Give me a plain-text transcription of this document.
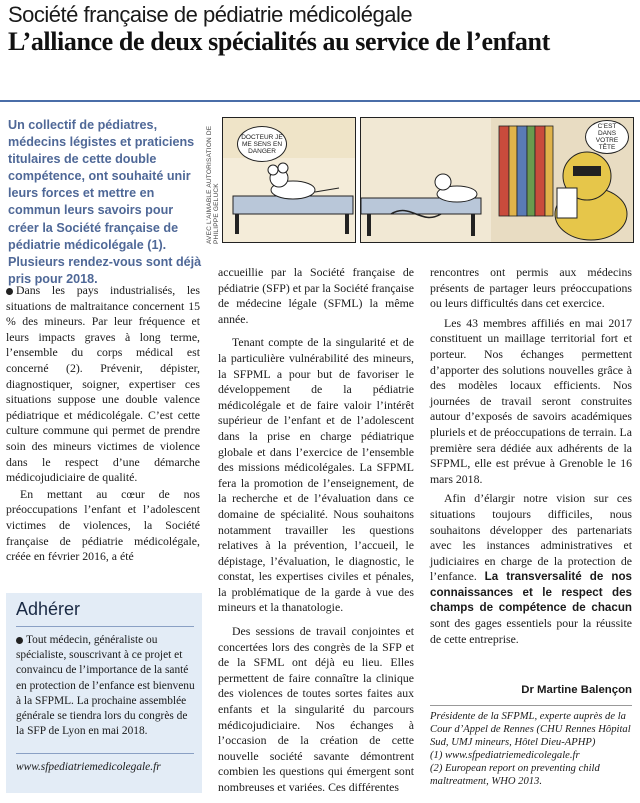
Société française de pédiatrie médicolégale
L’alliance de deux spécialités au service de l’enfant
Un collectif de pédiatres, médecins légistes et praticiens titulaires de cette double compétence, ont souhaité unir leurs forces et mettre en commun leurs savoirs pour créer la Société française de pédiatrie médicolégale (1). Plusieurs rendez-vous sont déjà pris pour 2018.
AVEC L’AIMABLE AUTORISATION DE PHILIPPE GELUCK
DOCTEUR JE ME SENS EN DANGER
C’EST DANS VOTRE TÊTE

Dans les pays industrialisés, les situations de maltraitance concernent 15 % des mineurs. Par leur fréquence et leurs impacts graves à long terme, l’ensemble du corps médical est concerné (2). Prévenir, dépister, diagnostiquer, soigner, expertiser ces situations suppose une double valence pédiatrique et médicolégale. C’est cette culture commune qui permet de prendre soin des mineurs victimes de violence dans le respect d’une démarche médicojudiciaire de qualité.

En mettant au cœur de nos préoccupations l’enfant et l’adolescent victimes de violences, la Société française de pédiatrie médicolégale, créée en février 2016, a été

accueillie par la Société française de pédiatrie (SFP) et par la Société française de médecine légale (SFML) la même année.

Tenant compte de la singularité et de la particulière vulnérabilité des mineurs, la SFPML a pour but de favoriser le développement de la pédiatrie médicolégale et de faire valoir l’intérêt supérieur de l’enfant et de l’adolescent dans la prise en charge pédiatrique globale et dans l’exercice de l’ensemble des missions médicolégales. La SFPML fera la promotion de l’enseignement, de la recherche et de l’évaluation dans ce domaine de spécialité. Nous souhaitons notamment travailler les questions relatives à la prévention, l’accueil, le dépistage, l’évaluation, le diagnostic, le constat, les expertises civiles et pénales, la problématique de la garde à vue des mineurs et la thanatologie.

Des sessions de travail conjointes et concertées lors des congrès de la SFP et de la SFML ont déjà eu lieu. Elles permettent de faire connaître la clinique des violences de toutes sortes faites aux enfants et la singularité du parcours médicojudiciaire. Nos échanges à l’occasion de la création de cette nouvelle société savante démontrent combien les questions qui émergent sont nombreuses et variées. Ces différentes

rencontres ont permis aux médecins présents de partager leurs préoccupations ou leurs difficultés dans cet exercice.

Les 43 membres affiliés en mai 2017 constituent un maillage territorial fort et porteur. Nos échanges permettent d’apporter des solutions nouvelles grâce à des modèles locaux efficients. Nos journées de travail seront construites autour d’exposés de savoirs académiques pluriels et de préoccupations de terrain. La première sera dédiée aux adhérents de la SFPML, elle est prévue à Grenoble le 16 mars 2018.

Afin d’élargir notre vision sur ces situations toujours difficiles, nous souhaitons développer des partenariats avec les instances administratives et judiciaires en charge de la protection de l’enfance. La transversalité de nos connaissances et le respect des champs de compétence de chacun sont des gages essentiels pour la réussite de cette entreprise.

Dr Martine Balençon
Présidente de la SFPML, experte auprès de la Cour d’Appel de Rennes (CHU Rennes Hôpital Sud, UMJ mineurs, Hôtel Dieu-APHP)
(1) www.sfpediatriemedicolegale.fr
(2) European report on preventing child maltreatment, WHO 2013.
Adhérer
Tout médecin, généraliste ou spécialiste, souscrivant à ce projet et convaincu de l’importance de la santé en protection de l’enfance est bienvenu à la SFPML. La prochaine assemblée générale se tiendra lors du congrès de la SFP de Lyon en mai 2018.
www.sfpediatriemedicolegale.fr
